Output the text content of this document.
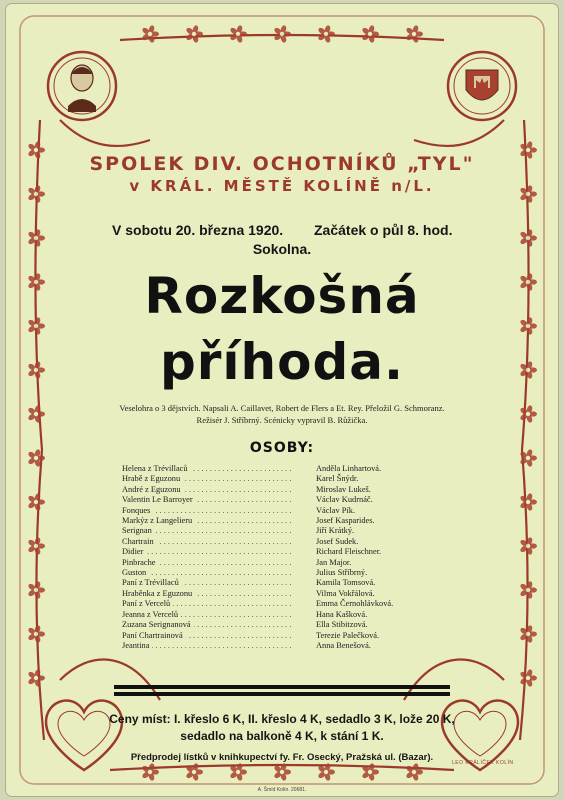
SPOLEK DIV. OCHOTNÍKŮ „TYL"
v KRÁL. MĚSTĚ KOLÍNĚ n/L.
V sobotu 20. března 1920. Začátek o půl 8. hod.
Sokolna.
Rozkošná
příhoda.
Veselohra o 3 dějstvích. Napsali A. Caillavet, Robert de Flers a Et. Rey. Přeložil G. Schmoranz.
Režisér J. Stříbrný. Scénicky vypravil B. Růžička.
OSOBY:
Helena z Trévillaců . . .	Anděla Linhartová.
Hrabě z Eguzonu . . .	Karel Šnýdr.
André z Eguzonu . . .	Miroslav Lukeš.
Valentin Le Barroyer . . .	Václav Kudrnáč.
Fonques . . .	Václav Pík.
Markýz z Langelieru . . .	Josef Kasparides.
Serignan . . .	Jiří Krátký.
Chartrain . . .	Josef Sudek.
Didier . . .	Richard Fleischner.
Pinbrache . . .	Jan Major.
Guston . . .	Julius Stříbrný.
Paní z Trévillaců . . .	Kamila Tomsová.
Hraběnka z Eguzonu . . .	Vilma Vokřálová.
Paní z Vercelů . . .	Emma Černohlávková.
Jeanna z Vercelů . . .	Hana Kašková.
Zuzana Serignanová . . .	Ella Stibitzová.
Paní Chartrainová . . .	Terezie Palečková.
Jeantina . . .	Anna Benešová.
Ceny míst: I. křeslo 6 K, II. křeslo 4 K, sedadlo 3 K, lože 20 K,
sedadlo na balkoně 4 K, k stání 1 K.
Předprodej lístků v knihkupectví fy. Fr. Osecký, Pražská ul. (Bazar).	LEO KRÁLÍČEK KOLÍN
A. Šmíd Kolín. 20681.
